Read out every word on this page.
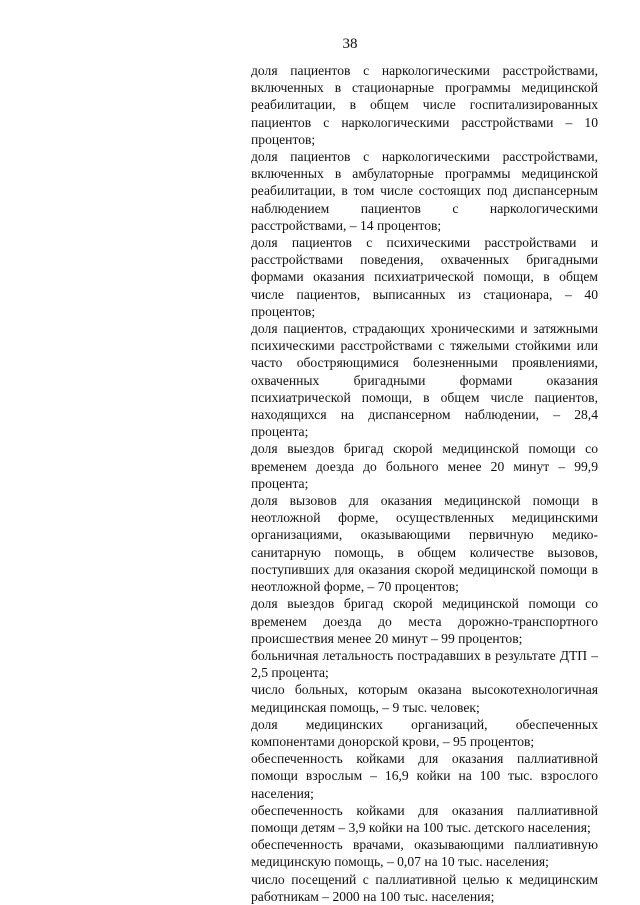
38

доля пациентов с наркологическими расстройствами, включенных в стационарные программы медицинской реабилитации, в общем числе госпитализированных пациентов с наркологическими расстройствами – 10 процентов;

доля пациентов с наркологическими расстройствами, включенных в амбулаторные программы медицинской реабилитации, в том числе состоящих под диспансерным наблюдением пациентов с наркологическими расстройствами, – 14 процентов;

доля пациентов с психическими расстройствами и расстройствами поведения, охваченных бригадными формами оказания психиатрической помощи, в общем числе пациентов, выписанных из стационара, – 40 процентов;

доля пациентов, страдающих хроническими и затяжными психическими расстройствами с тяжелыми стойкими или часто обостряющимися болезненными проявлениями, охваченных бригадными формами оказания психиатрической помощи, в общем числе пациентов, находящихся на диспансерном наблюдении, – 28,4 процента;

доля выездов бригад скорой медицинской помощи со временем доезда до больного менее 20 минут – 99,9 процента;

доля вызовов для оказания медицинской помощи в неотложной форме, осуществленных медицинскими организациями, оказывающими первичную медико-санитарную помощь, в общем количестве вызовов, поступивших для оказания скорой медицинской помощи в неотложной форме, – 70 процентов;

доля выездов бригад скорой медицинской помощи со временем доезда до места дорожно-транспортного происшествия менее 20 минут – 99 процентов;

больничная летальность пострадавших в результате ДТП – 2,5 процента;

число больных, которым оказана высокотехнологичная медицинская помощь, – 9 тыс. человек;

доля медицинских организаций, обеспеченных компонентами донорской крови, – 95 процентов;

обеспеченность койками для оказания паллиативной помощи взрослым – 16,9 койки на 100 тыс. взрослого населения;

обеспеченность койками для оказания паллиативной помощи детям – 3,9 койки на 100 тыс. детского населения;

обеспеченность врачами, оказывающими паллиативную медицинскую помощь, – 0,07 на 10 тыс. населения;

число посещений с паллиативной целью к медицинским работникам – 2000 на 100 тыс. населения;
